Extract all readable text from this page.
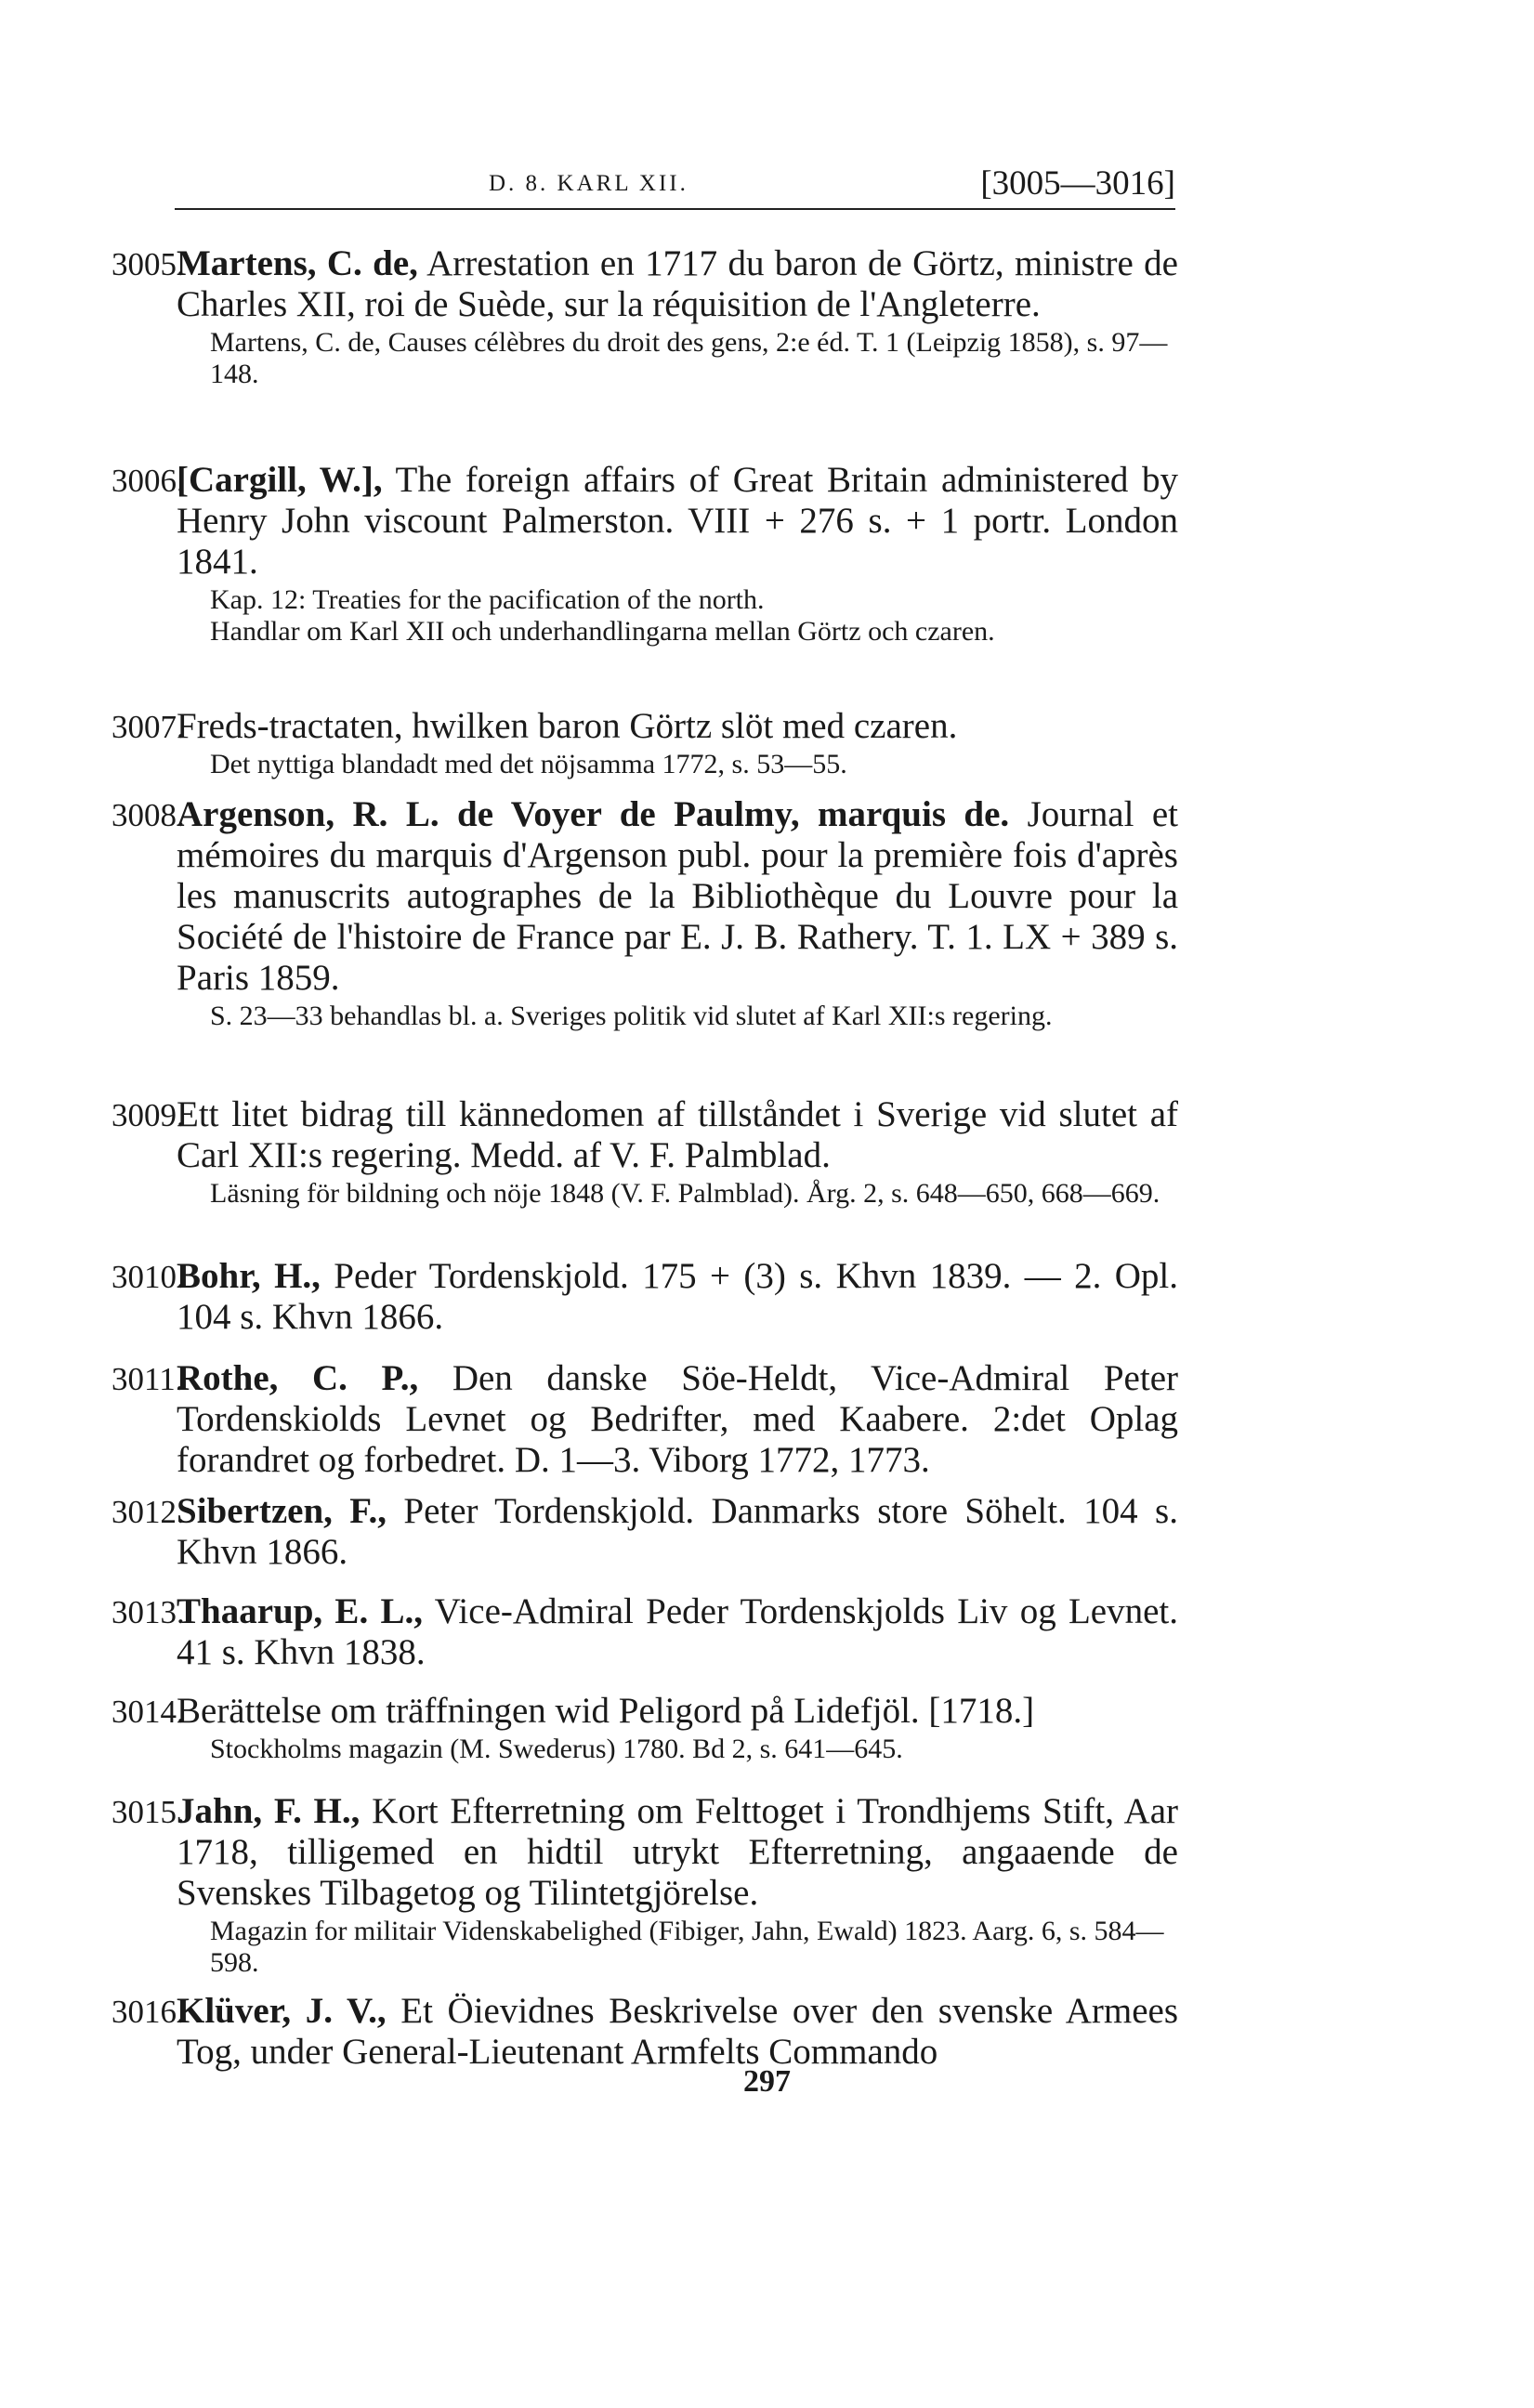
D. 8. KARL XII.	[3005—3016]
3005.
Martens, C. de, Arrestation en 1717 du baron de Görtz, ministre de Charles XII, roi de Suède, sur la réquisition de l'Angleterre.
Martens, C. de, Causes célèbres du droit des gens, 2:e éd. T. 1 (Leipzig 1858), s. 97—148.
3006.
[Cargill, W.], The foreign affairs of Great Britain administered by Henry John viscount Palmerston. VIII + 276 s. + 1 portr. London 1841.
Kap. 12: Treaties for the pacification of the north.
Handlar om Karl XII och underhandlingarna mellan Görtz och czaren.
3007.
Freds-tractaten, hwilken baron Görtz slöt med czaren.
Det nyttiga blandadt med det nöjsamma 1772, s. 53—55.
3008.
Argenson, R. L. de Voyer de Paulmy, marquis de. Journal et mémoires du marquis d'Argenson publ. pour la première fois d'après les manuscrits autographes de la Bibliothèque du Louvre pour la Société de l'histoire de France par E. J. B. Rathery. T. 1. LX + 389 s. Paris 1859.
S. 23—33 behandlas bl. a. Sveriges politik vid slutet af Karl XII:s regering.
3009.
Ett litet bidrag till kännedomen af tillståndet i Sverige vid slutet af Carl XII:s regering. Medd. af V. F. Palmblad.
Läsning för bildning och nöje 1848 (V. F. Palmblad). Årg. 2, s. 648—650, 668—669.
3010.
Bohr, H., Peder Tordenskjold. 175 + (3) s. Khvn 1839. — 2. Opl. 104 s. Khvn 1866.
3011.
Rothe, C. P., Den danske Söe-Heldt, Vice-Admiral Peter Tordenskiolds Levnet og Bedrifter, med Kaabere. 2:det Oplag forandret og forbedret. D. 1—3. Viborg 1772, 1773.
3012.
Sibertzen, F., Peter Tordenskjold. Danmarks store Söhelt. 104 s. Khvn 1866.
3013.
Thaarup, E. L., Vice-Admiral Peder Tordenskjolds Liv og Levnet. 41 s. Khvn 1838.
3014.
Berättelse om träffningen wid Peligord på Lidefjöl. [1718.]
Stockholms magazin (M. Swederus) 1780. Bd 2, s. 641—645.
3015.
Jahn, F. H., Kort Efterretning om Felttoget i Trondhjems Stift, Aar 1718, tilligemed en hidtil utrykt Efterretning, angaaende de Svenskes Tilbagetog og Tilintetgjörelse.
Magazin for militair Videnskabelighed (Fibiger, Jahn, Ewald) 1823. Aarg. 6, s. 584—598.
3016.
Klüver, J. V., Et Öievidnes Beskrivelse over den svenske Armees Tog, under General-Lieutenant Armfelts Commando
297
